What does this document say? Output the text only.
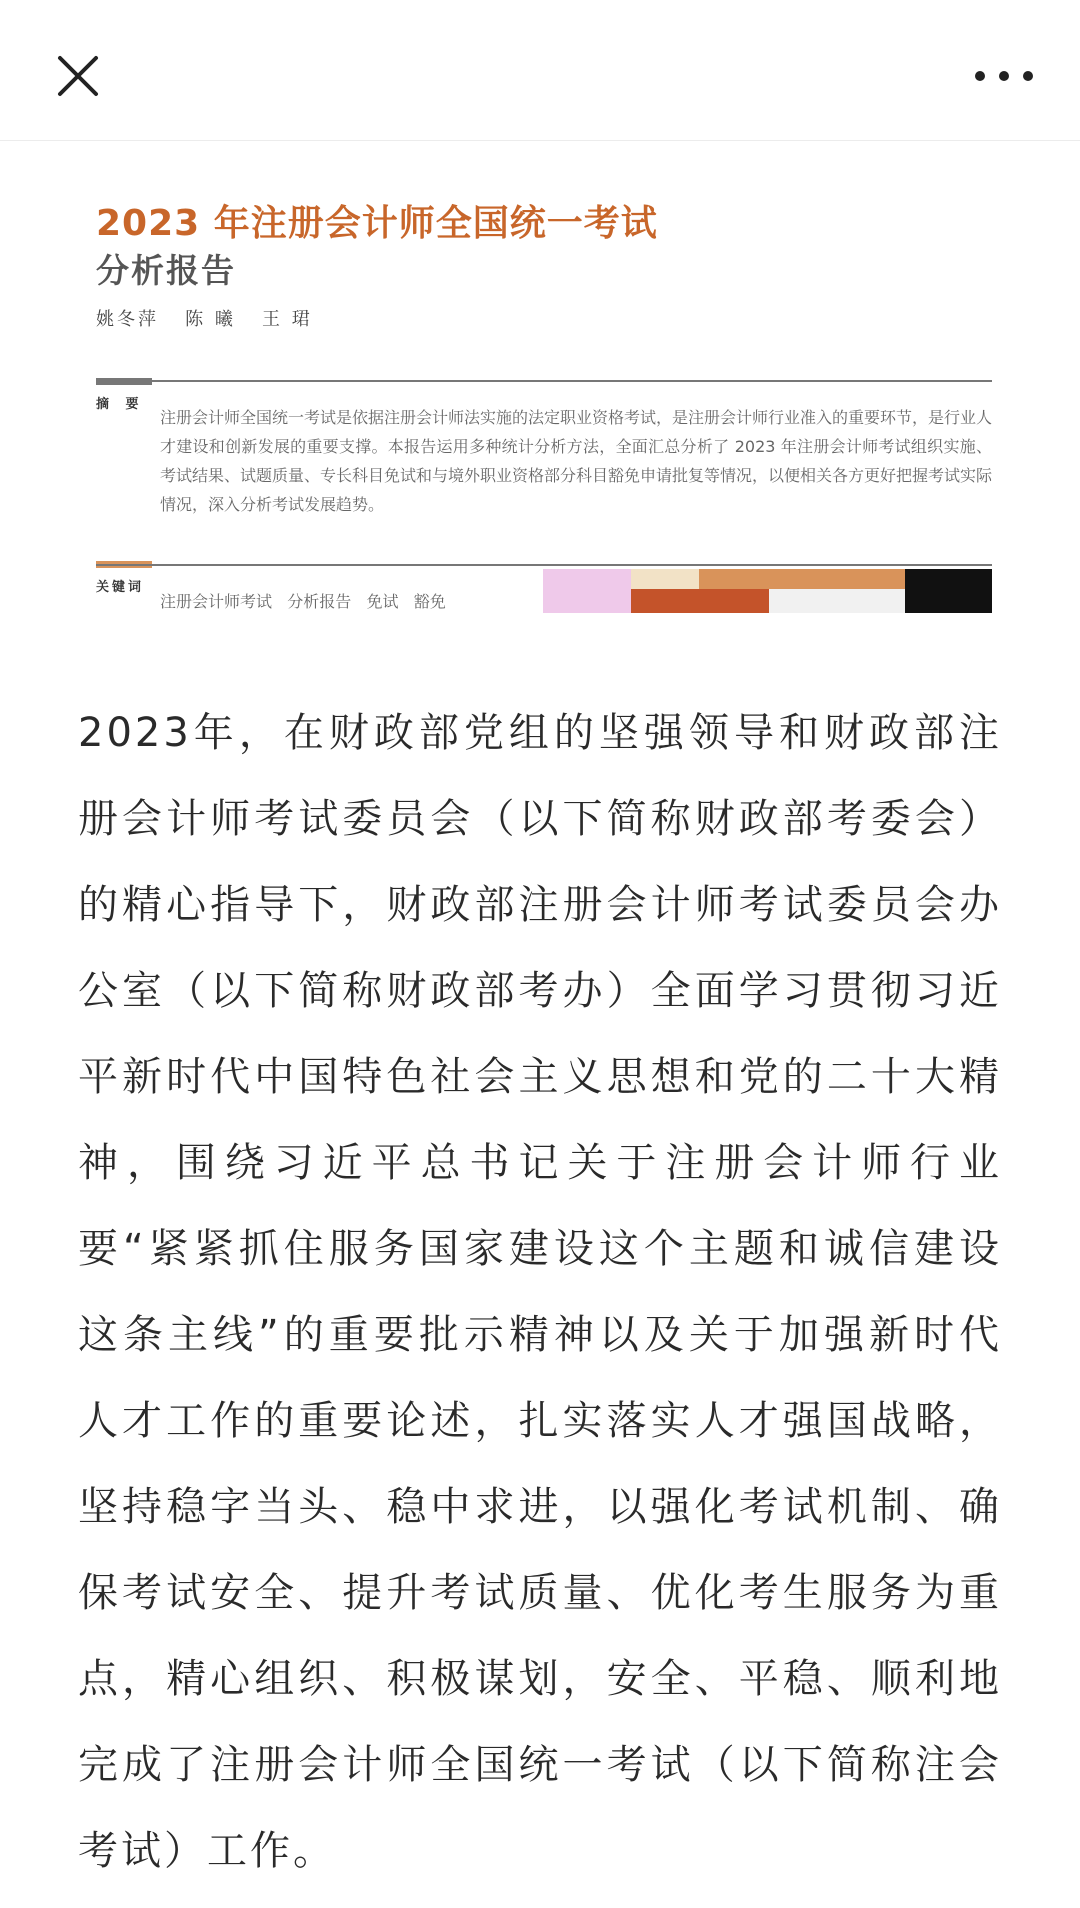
2023 年注册会计师全国统一考试
分析报告
姚冬萍   陈 曦   王 珺
摘 要
注册会计师全国统一考试是依据注册会计师法实施的法定职业资格考试，是注册会计师行业准入的重要环节，是行业人才建设和创新发展的重要支撑。本报告运用多种统计分析方法，全面汇总分析了 2023 年注册会计师考试组织实施、考试结果、试题质量、专长科目免试和与境外职业资格部分科目豁免申请批复等情况，以便相关各方更好把握考试实际情况，深入分析考试发展趋势。
关键词
注册会计师考试   分析报告   免试   豁免
2023年，在财政部党组的坚强领导和财政部注册会计师考试委员会（以下简称财政部考委会）的精心指导下，财政部注册会计师考试委员会办公室（以下简称财政部考办）全面学习贯彻习近平新时代中国特色社会主义思想和党的二十大精神，围绕习近平总书记关于注册会计师行业要“紧紧抓住服务国家建设这个主题和诚信建设这条主线”的重要批示精神以及关于加强新时代人才工作的重要论述，扎实落实人才强国战略，坚持稳字当头、稳中求进，以强化考试机制、确保考试安全、提升考试质量、优化考生服务为重点，精心组织、积极谋划，安全、平稳、顺利地完成了注册会计师全国统一考试（以下简称注会考试）工作。
